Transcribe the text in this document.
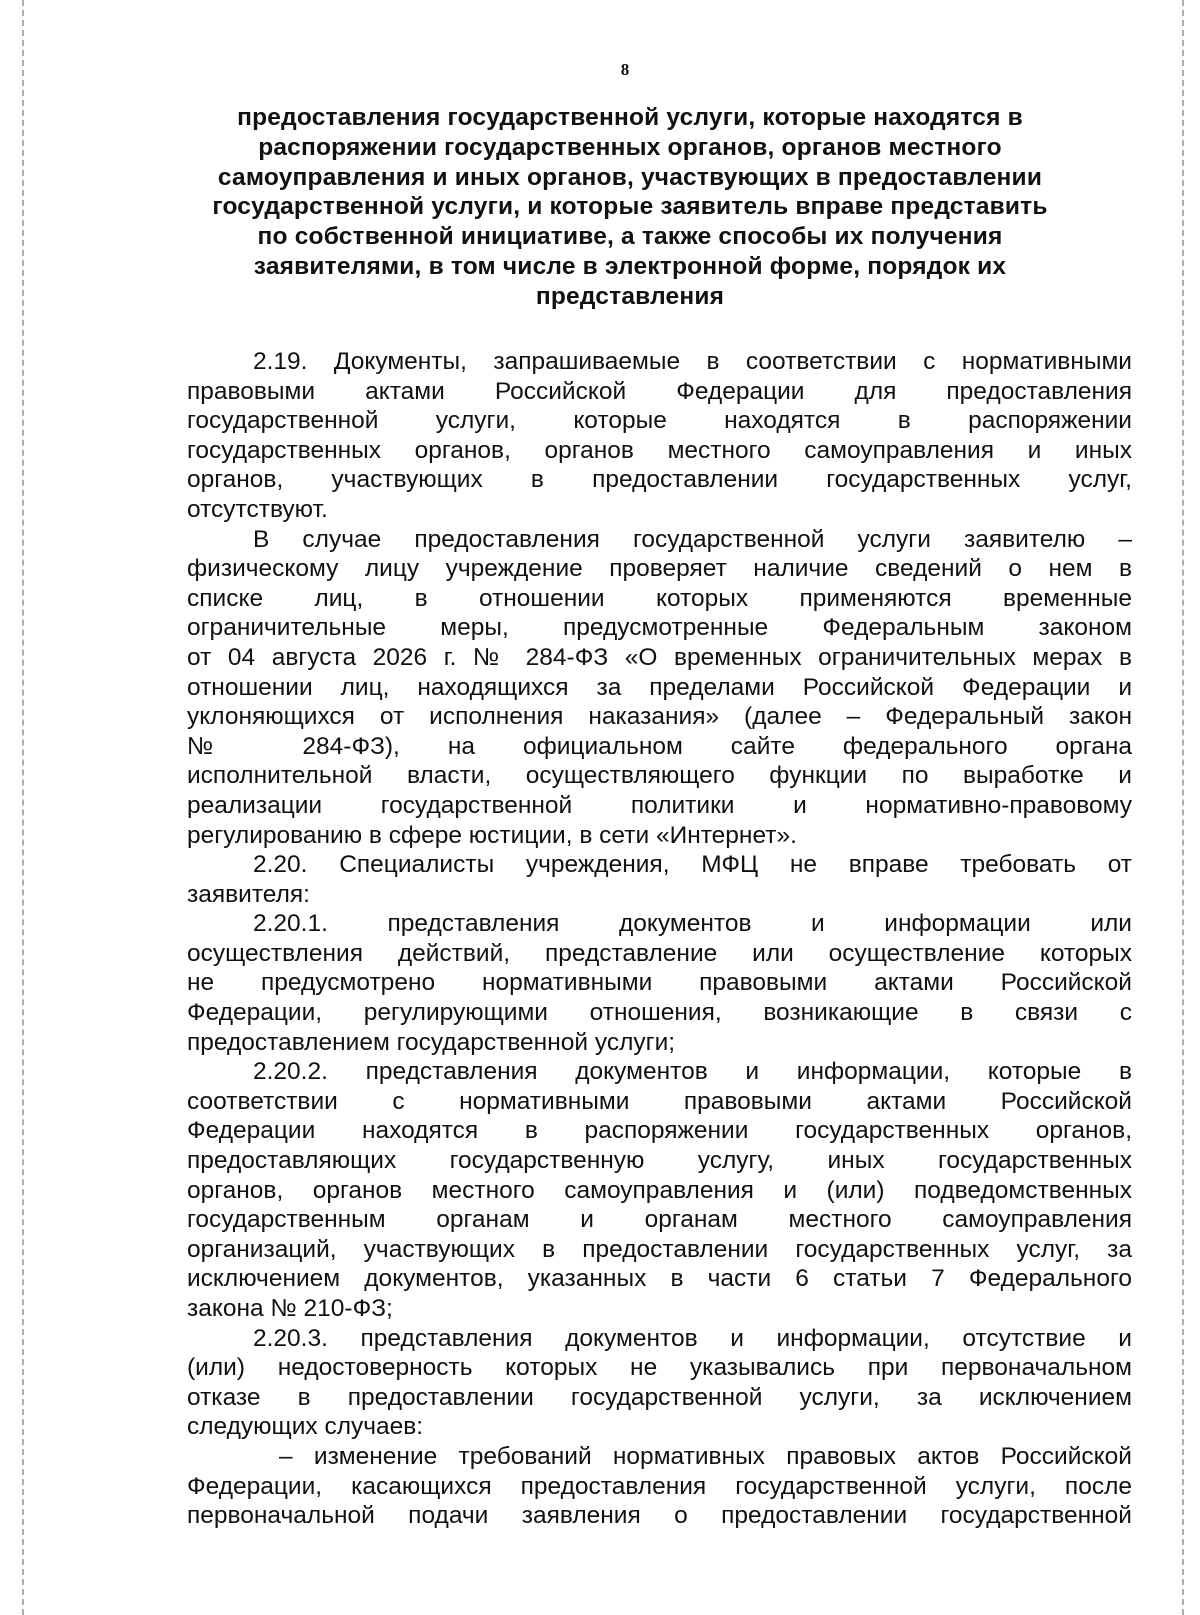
8
предоставления государственной услуги, которые находятся в
распоряжении государственных органов, органов местного
самоуправления и иных органов, участвующих в предоставлении
государственной услуги, и которые заявитель вправе представить
по собственной инициативе, а также способы их получения
заявителями, в том числе в электронной форме, порядок их
представления
2.19. Документы, запрашиваемые в соответствии с нормативными
правовыми актами Российской Федерации для предоставления
государственной услуги, которые находятся в распоряжении
государственных органов, органов местного самоуправления и иных
органов, участвующих в предоставлении государственных услуг,
отсутствуют.
В случае предоставления государственной услуги заявителю –
физическому лицу учреждение проверяет наличие сведений о нем в
списке лиц, в отношении которых применяются временные
ограничительные меры, предусмотренные Федеральным законом
от 04 августа 2026 г. № 284-ФЗ «О временных ограничительных мерах в
отношении лиц, находящихся за пределами Российской Федерации и
уклоняющихся от исполнения наказания» (далее – Федеральный закон
№ 284-ФЗ), на официальном сайте федерального органа
исполнительной власти, осуществляющего функции по выработке и
реализации государственной политики и нормативно-правовому
регулированию в сфере юстиции, в сети «Интернет».
2.20. Специалисты учреждения, МФЦ не вправе требовать от
заявителя:
2.20.1. представления документов и информации или
осуществления действий, представление или осуществление которых
не предусмотрено нормативными правовыми актами Российской
Федерации, регулирующими отношения, возникающие в связи с
предоставлением государственной услуги;
2.20.2. представления документов и информации, которые в
соответствии с нормативными правовыми актами Российской
Федерации находятся в распоряжении государственных органов,
предоставляющих государственную услугу, иных государственных
органов, органов местного самоуправления и (или) подведомственных
государственным органам и органам местного самоуправления
организаций, участвующих в предоставлении государственных услуг, за
исключением документов, указанных в части 6 статьи 7 Федерального
закона № 210-ФЗ;
2.20.3. представления документов и информации, отсутствие и
(или) недостоверность которых не указывались при первоначальном
отказе в предоставлении государственной услуги, за исключением
следующих случаев:
– изменение требований нормативных правовых актов Российской
Федерации, касающихся предоставления государственной услуги, после
первоначальной подачи заявления о предоставлении государственной
